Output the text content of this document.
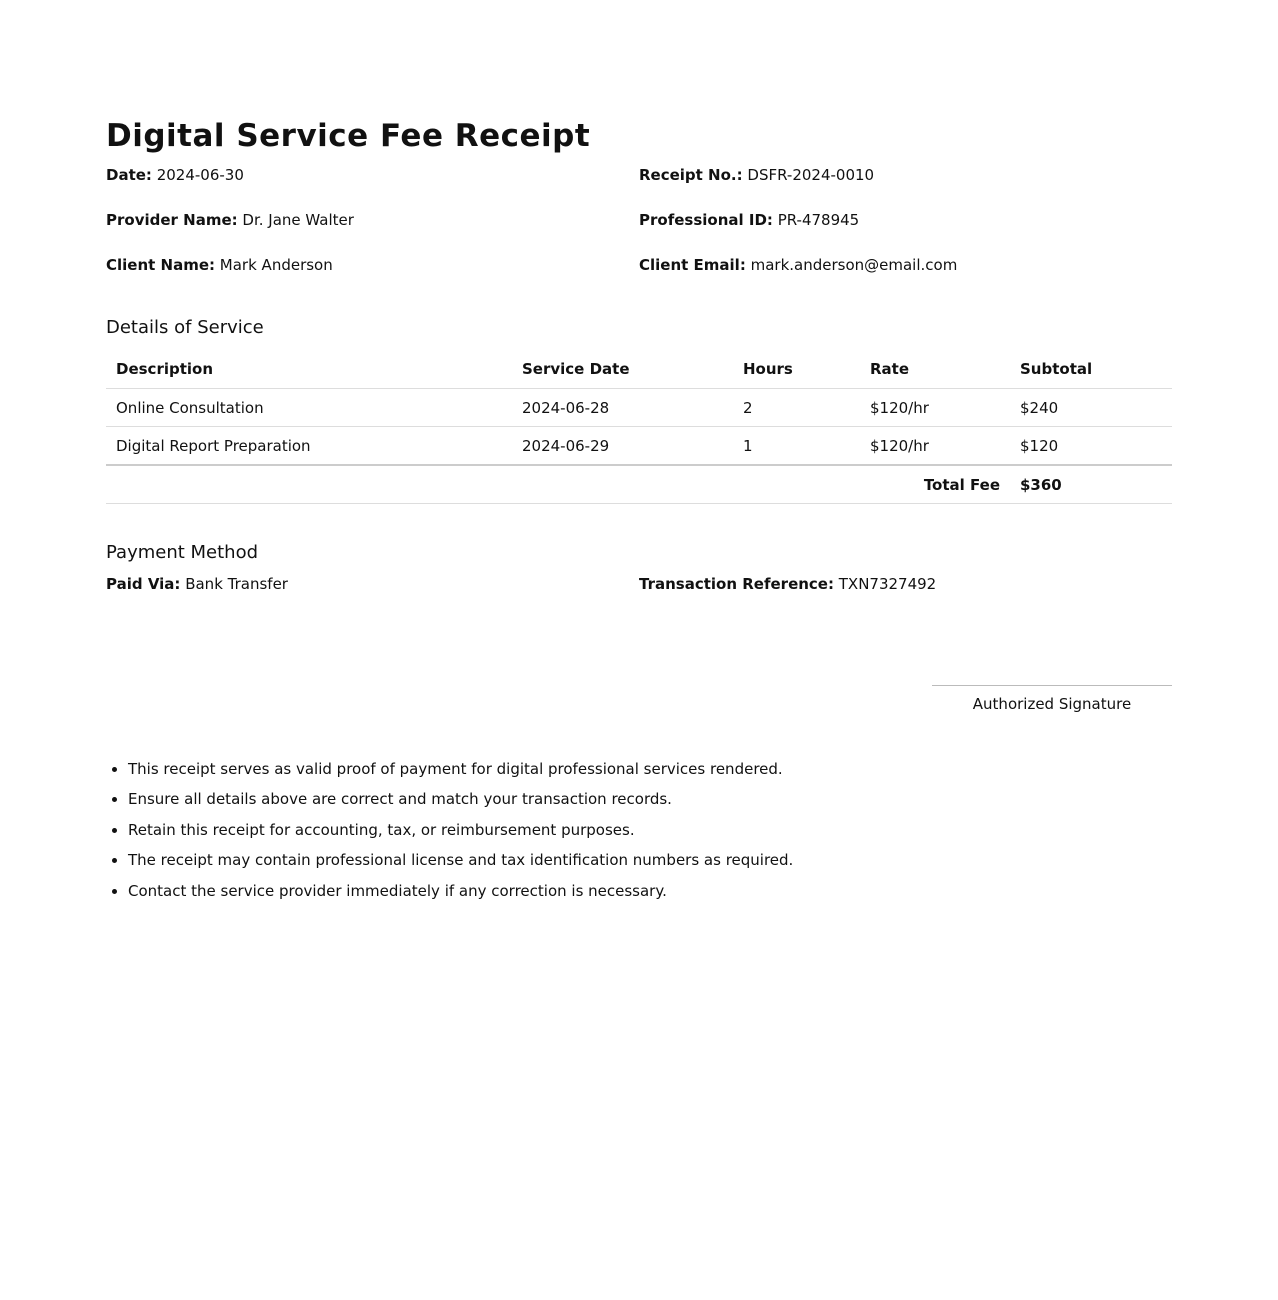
Digital Service Fee Receipt
Date: 2024-06-30	Receipt No.: DSFR-2024-0010
Provider Name: Dr. Jane Walter	Professional ID: PR-478945
Client Name: Mark Anderson	Client Email: mark.anderson@email.com
Details of Service
Description	Service Date	Hours	Rate	Subtotal
Online Consultation	2024-06-28	2	$120/hr	$240
Digital Report Preparation	2024-06-29	1	$120/hr	$120
Total Fee				$360
Payment Method
Paid Via: Bank Transfer	Transaction Reference: TXN7327492
Authorized Signature
• This receipt serves as valid proof of payment for digital professional services rendered.
• Ensure all details above are correct and match your transaction records.
• Retain this receipt for accounting, tax, or reimbursement purposes.
• The receipt may contain professional license and tax identification numbers as required.
• Contact the service provider immediately if any correction is necessary.
